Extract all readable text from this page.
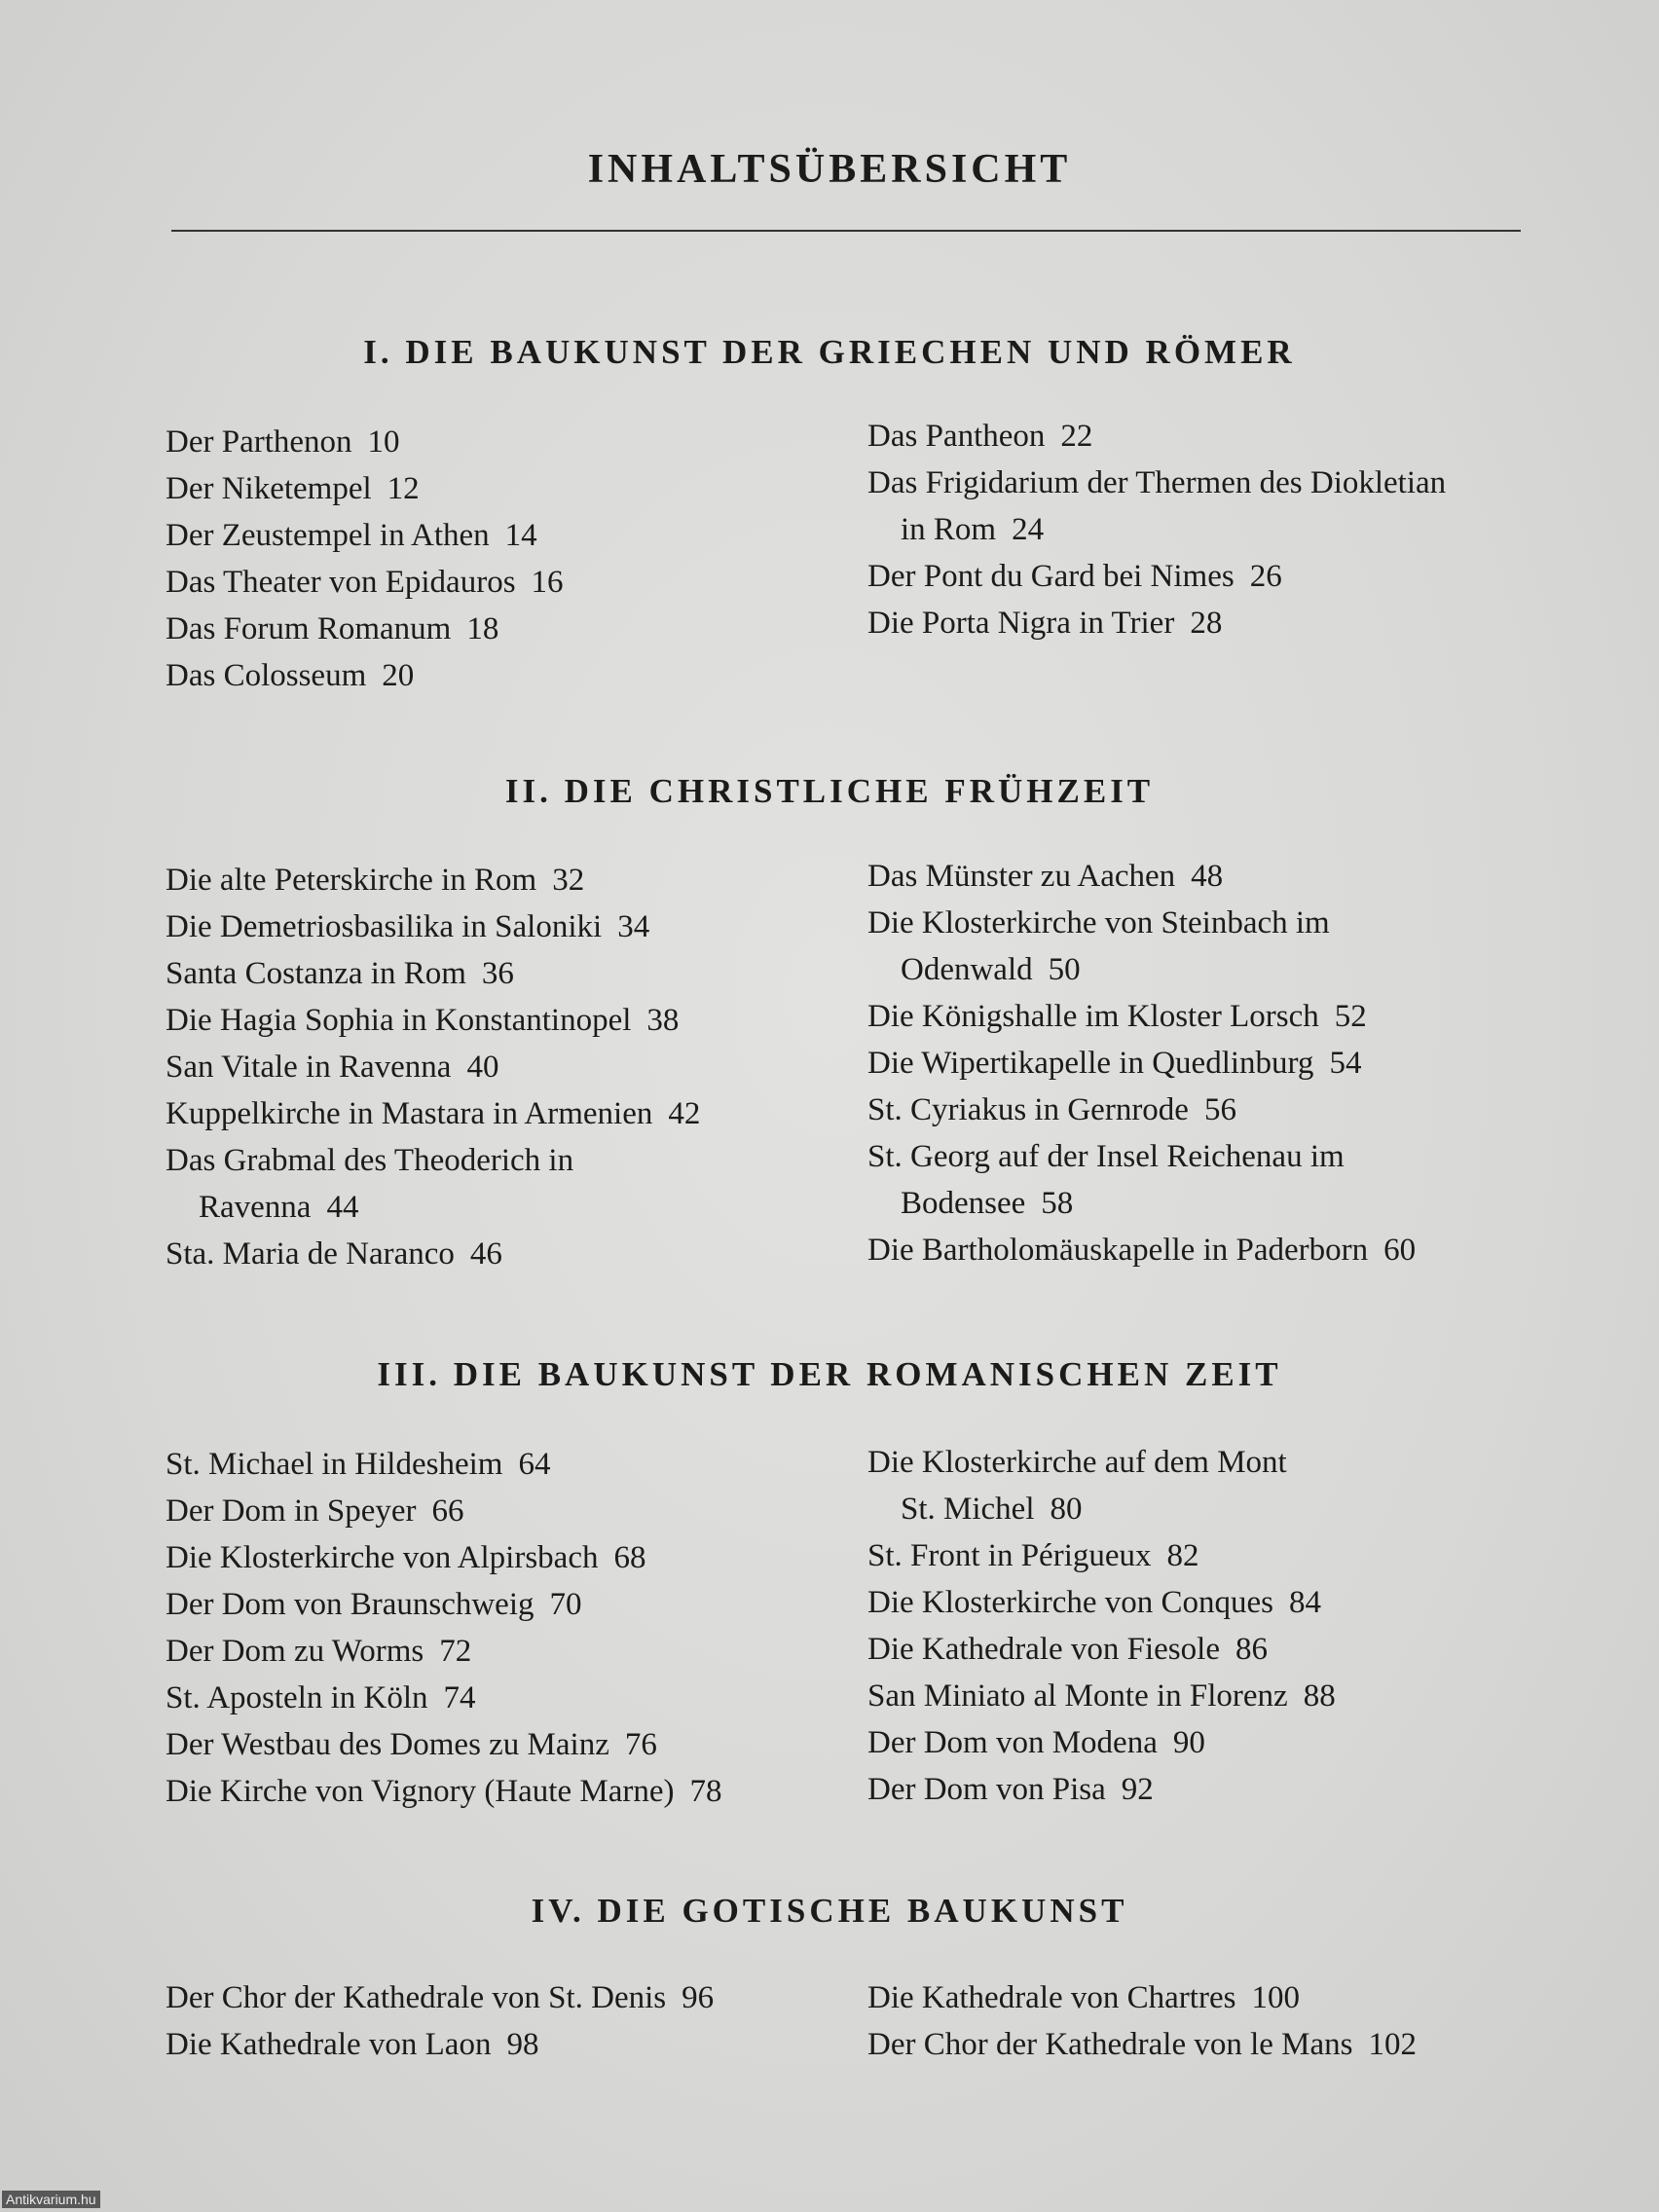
INHALTSÜBERSICHT
I. DIE BAUKUNST DER GRIECHEN UND RÖMER
Der Parthenon 10
Der Niketempel 12
Der Zeustempel in Athen 14
Das Theater von Epidauros 16
Das Forum Romanum 18
Das Colosseum 20
Das Pantheon 22
Das Frigidarium der Thermen des Diokletian
in Rom 24
Der Pont du Gard bei Nimes 26
Die Porta Nigra in Trier 28
II. DIE CHRISTLICHE FRÜHZEIT
Die alte Peterskirche in Rom 32
Die Demetriosbasilika in Saloniki 34
Santa Costanza in Rom 36
Die Hagia Sophia in Konstantinopel 38
San Vitale in Ravenna 40
Kuppelkirche in Mastara in Armenien 42
Das Grabmal des Theoderich in
Ravenna 44
Sta. Maria de Naranco 46
Das Münster zu Aachen 48
Die Klosterkirche von Steinbach im
Odenwald 50
Die Königshalle im Kloster Lorsch 52
Die Wipertikapelle in Quedlinburg 54
St. Cyriakus in Gernrode 56
St. Georg auf der Insel Reichenau im
Bodensee 58
Die Bartholomäuskapelle in Paderborn 60
III. DIE BAUKUNST DER ROMANISCHEN ZEIT
St. Michael in Hildesheim 64
Der Dom in Speyer 66
Die Klosterkirche von Alpirsbach 68
Der Dom von Braunschweig 70
Der Dom zu Worms 72
St. Aposteln in Köln 74
Der Westbau des Domes zu Mainz 76
Die Kirche von Vignory (Haute Marne) 78
Die Klosterkirche auf dem Mont
St. Michel 80
St. Front in Périgueux 82
Die Klosterkirche von Conques 84
Die Kathedrale von Fiesole 86
San Miniato al Monte in Florenz 88
Der Dom von Modena 90
Der Dom von Pisa 92
IV. DIE GOTISCHE BAUKUNST
Der Chor der Kathedrale von St. Denis 96
Die Kathedrale von Laon 98
Die Kathedrale von Chartres 100
Der Chor der Kathedrale von le Mans 102
Antikvarium.hu
